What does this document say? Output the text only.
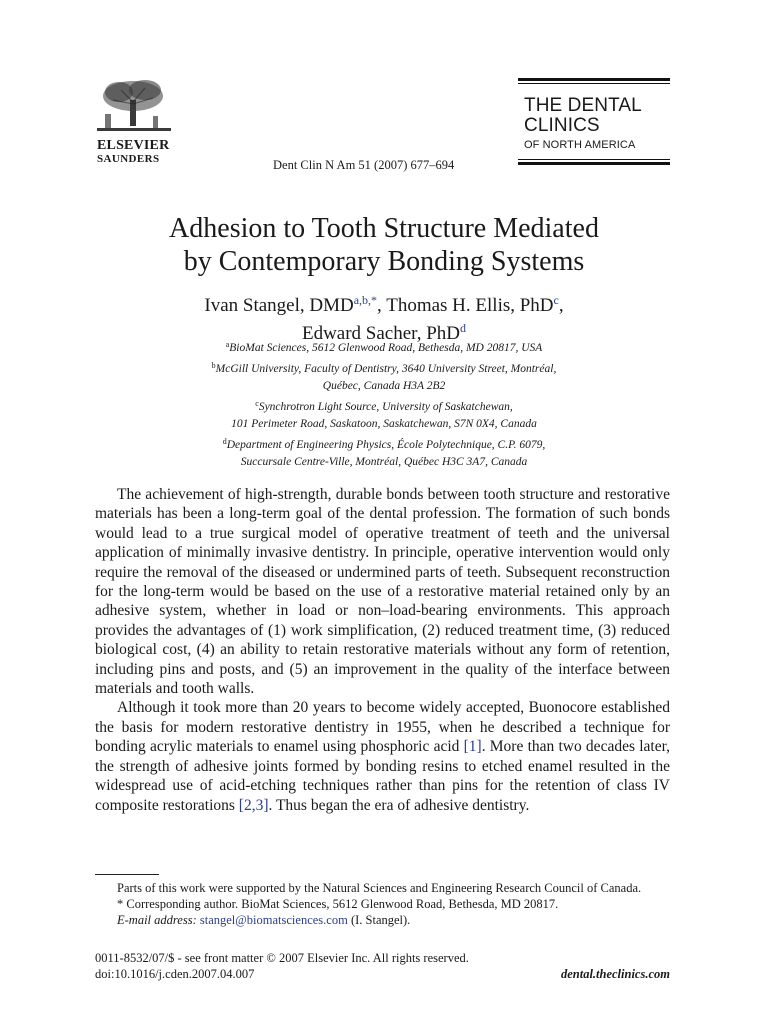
ELSEVIER
SAUNDERS	Dent Clin N Am 51 (2007) 677–694
THE DENTAL
CLINICS
OF NORTH AMERICA
Adhesion to Tooth Structure Mediated
by Contemporary Bonding Systems
Ivan Stangel, $DMD^{a,b,*}$, Thomas H. Ellis, PhD$^c$,
Edward Sacher, PhD$^d$
$^a$BioMat Sciences, 5612 Glenwood Road, Bethesda, MD 20817, USA
$^b$McGill University, Faculty of Dentistry, 3640 University Street, Montréal,
Québec, Canada H3A 2B2
$^c$Synchrotron Light Source, University of Saskatchewan,
101 Perimeter Road, Saskatoon, Saskatchewan, S7N 0X4, Canada
$^d$Department of Engineering Physics, École Polytechnique, C.P. 6079,
Succursale Centre-Ville, Montréal, Québec H3C 3A7, Canada

The achievement of high-strength, durable bonds between tooth structure and restorative materials has been a long-term goal of the dental profession. The formation of such bonds would lead to a true surgical model of operative treatment of teeth and the universal application of minimally invasive dentistry. In principle, operative intervention would only require the removal of the diseased or undermined parts of teeth. Subsequent reconstruction for the long-term would be based on the use of a restorative material retained only by an adhesive system, whether in load or non–load-bearing environments. This approach provides the advantages of (1) work simplification, (2) reduced treatment time, (3) reduced biological cost, (4) an ability to retain restorative materials without any form of retention, including pins and posts, and (5) an improvement in the quality of the interface between materials and tooth walls.

Although it took more than 20 years to become widely accepted, Buonocore established the basis for modern restorative dentistry in 1955, when he described a technique for bonding acrylic materials to enamel using phosphoric acid [1]. More than two decades later, the strength of adhesive joints formed by bonding resins to etched enamel resulted in the widespread use of acid-etching techniques rather than pins for the retention of class IV composite restorations [2,3]. Thus began the era of adhesive dentistry.

Parts of this work were supported by the Natural Sciences and Engineering Research Council of Canada.

* Corresponding author. BioMat Sciences, 5612 Glenwood Road, Bethesda, MD 20817.

E-mail address: stangel@biomatsciences.com (I. Stangel).

0011-8532/07/$ - see front matter © 2007 Elsevier Inc. All rights reserved.
doi:10.1016/j.cden.2007.04.007	dental.theclinics.com
